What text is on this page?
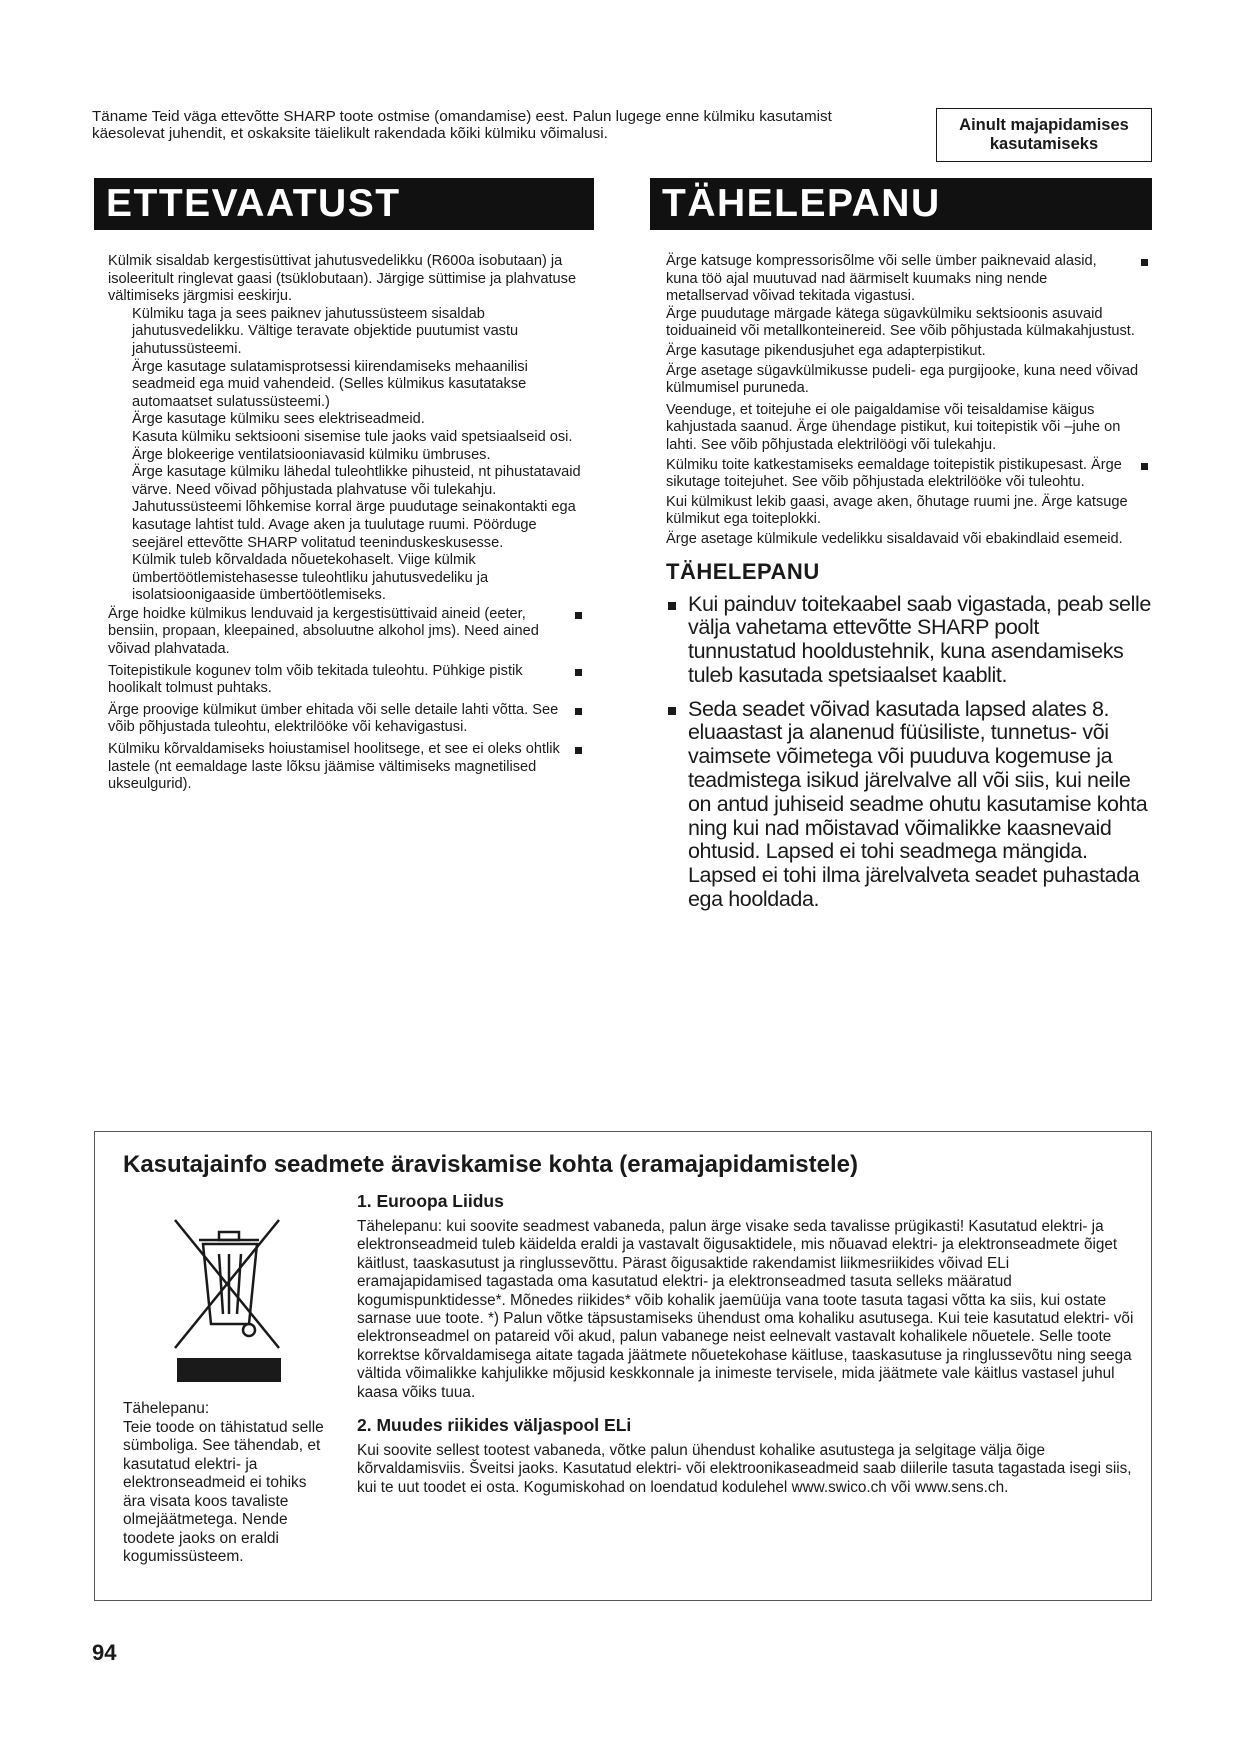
Täname Teid väga ettevõtte SHARP toote ostmise (omandamise) eest. Palun lugege enne külmiku kasutamist käesolevat juhendit, et oskaksite täielikult rakendada kõiki külmiku võimalusi.	Ainult majapidamises kasutamiseks
ETTEVAATUST	TÄHELEPANU
Külmik sisaldab kergestisüttivat jahutusvedelikku (R600a isobutaan) ja isoleeritult ringlevat gaasi (tsüklobutaan). Järgige süttimise ja plahvatuse vältimiseks järgmisi eeskirju.
Külmiku taga ja sees paiknev jahutussüsteem sisaldab jahutusvedelikku. Vältige teravate objektide puutumist vastu jahutussüsteemi.
Ärge kasutage sulatamisprotsessi kiirendamiseks mehaanilisi seadmeid ega muid vahendeid. (Selles külmikus kasutatakse automaatset sulatussüsteemi.)
Ärge kasutage külmiku sees elektriseadmeid.
Kasuta külmiku sektsiooni sisemise tule jaoks vaid spetsiaalseid osi.
Ärge blokeerige ventilatsiooniavasid külmiku ümbruses.
Ärge kasutage külmiku lähedal tuleohtlikke pihusteid, nt pihustatavaid värve. Need võivad põhjustada plahvatuse või tulekahju.
Jahutussüsteemi lõhkemise korral ärge puudutage seinakontakti ega kasutage lahtist tuld. Avage aken ja tuulutage ruumi. Pöörduge seejärel ettevõtte SHARP volitatud teeninduskeskusesse.
Külmik tuleb kõrvaldada nõuetekohaselt. Viige külmik ümbertöötlemistehasesse tuleohtliku jahutusvedeliku ja isolatsioonigaaside ümbertöötlemiseks.
Ärge hoidke külmikus lenduvaid ja kergestisüttivaid aineid (eeter, bensiin, propaan, kleepained, absoluutne alkohol jms). Need ained võivad plahvatada.
Toitepistikule kogunev tolm võib tekitada tuleohtu. Pühkige pistik hoolikalt tolmust puhtaks.
Ärge proovige külmikut ümber ehitada või selle detaile lahti võtta. See võib põhjustada tuleohtu, elektrilööke või kehavigastusi.
Külmiku kõrvaldamiseks hoiustamisel hoolitsege, et see ei oleks ohtlik lastele (nt eemaldage laste lõksu jäämise vältimiseks magnetilised ukseulgurid).
Ärge katsuge kompressorisõlme või selle ümber paiknevaid alasid, kuna töö ajal muutuvad nad äärmiselt kuumaks ning nende metallservad võivad tekitada vigastusi.
Ärge puudutage märgade kätega sügavkülmiku sektsioonis asuvaid toiduaineid või metallkonteinereid. See võib põhjustada külmakahjustust.
Ärge kasutage pikendusjuhet ega adapterpistikut.
Ärge asetage sügavkülmikusse pudeli- ega purgijooke, kuna need võivad külmumisel puruneda.
Veenduge, et toitejuhe ei ole paigaldamise või teisaldamise käigus kahjustada saanud. Ärge ühendage pistikut, kui toitepistik või –juhe on lahti. See võib põhjustada elektrilöögi või tulekahju.
Külmiku toite katkestamiseks eemaldage toitepistik pistikupesast. Ärge sikutage toitejuhet. See võib põhjustada elektrilööke või tuleohtu.
Kui külmikust lekib gaasi, avage aken, õhutage ruumi jne. Ärge katsuge külmikut ega toiteplokki.
Ärge asetage külmikule vedelikku sisaldavaid või ebakindlaid esemeid.
TÄHELEPANU
Kui painduv toitekaabel saab vigastada, peab selle välja vahetama ettevõtte SHARP poolt tunnustatud hooldustehnik, kuna asendamiseks tuleb kasutada spetsiaalset kaablit.
Seda seadet võivad kasutada lapsed alates 8. eluaastast ja alanenud füüsiliste, tunnetus- või vaimsete võimetega või puuduva kogemuse ja teadmistega isikud järelvalve all või siis, kui neile on antud juhiseid seadme ohutu kasutamise kohta ning kui nad mõistavad võimalikke kaasnevaid ohtusid. Lapsed ei tohi seadmega mängida. Lapsed ei tohi ilma järelvalveta seadet puhastada ega hooldada.
Kasutajainfo seadmete äraviskamise kohta (eramajapidamistele)
Tähelepanu:
Teie toode on tähistatud selle sümboliga. See tähendab, et kasutatud elektri- ja elektronseadmeid ei tohiks ära visata koos tavaliste olmejäätmetega. Nende toodete jaoks on eraldi kogumissüsteem.
1. Euroopa Liidus

Tähelepanu: kui soovite seadmest vabaneda, palun ärge visake seda tavalisse prügikasti! Kasutatud elektri- ja elektronseadmeid tuleb käidelda eraldi ja vastavalt õigusaktidele, mis nõuavad elektri- ja elektronseadmete õiget käitlust, taaskasutust ja ringlussevõttu. Pärast õigusaktide rakendamist liikmesriikides võivad ELi eramajapidamised tagastada oma kasutatud elektri- ja elektronseadmed tasuta selleks määratud kogumispunktidesse*. Mõnedes riikides* võib kohalik jaemüüja vana toote tasuta tagasi võtta ka siis, kui ostate sarnase uue toote. *) Palun võtke täpsustamiseks ühendust oma kohaliku asutusega. Kui teie kasutatud elektri- või elektronseadmel on patareid või akud, palun vabanege neist eelnevalt vastavalt kohalikele nõuetele. Selle toote korrektse kõrvaldamisega aitate tagada jäätmete nõuetekohase käitluse, taaskasutuse ja ringlussevõtu ning seega vältida võimalikke kahjulikke mõjusid keskkonnale ja inimeste tervisele, mida jäätmete vale käitlus vastasel juhul kaasa võiks tuua.

2. Muudes riikides väljaspool ELi

Kui soovite sellest tootest vabaneda, võtke palun ühendust kohalike asutustega ja selgitage välja õige kõrvaldamisviis. Šveitsi jaoks. Kasutatud elektri- või elektroonikaseadmeid saab diilerile tasuta tagastada isegi siis, kui te uut toodet ei osta. Kogumiskohad on loendatud kodulehel www.swico.ch või www.sens.ch.

94
